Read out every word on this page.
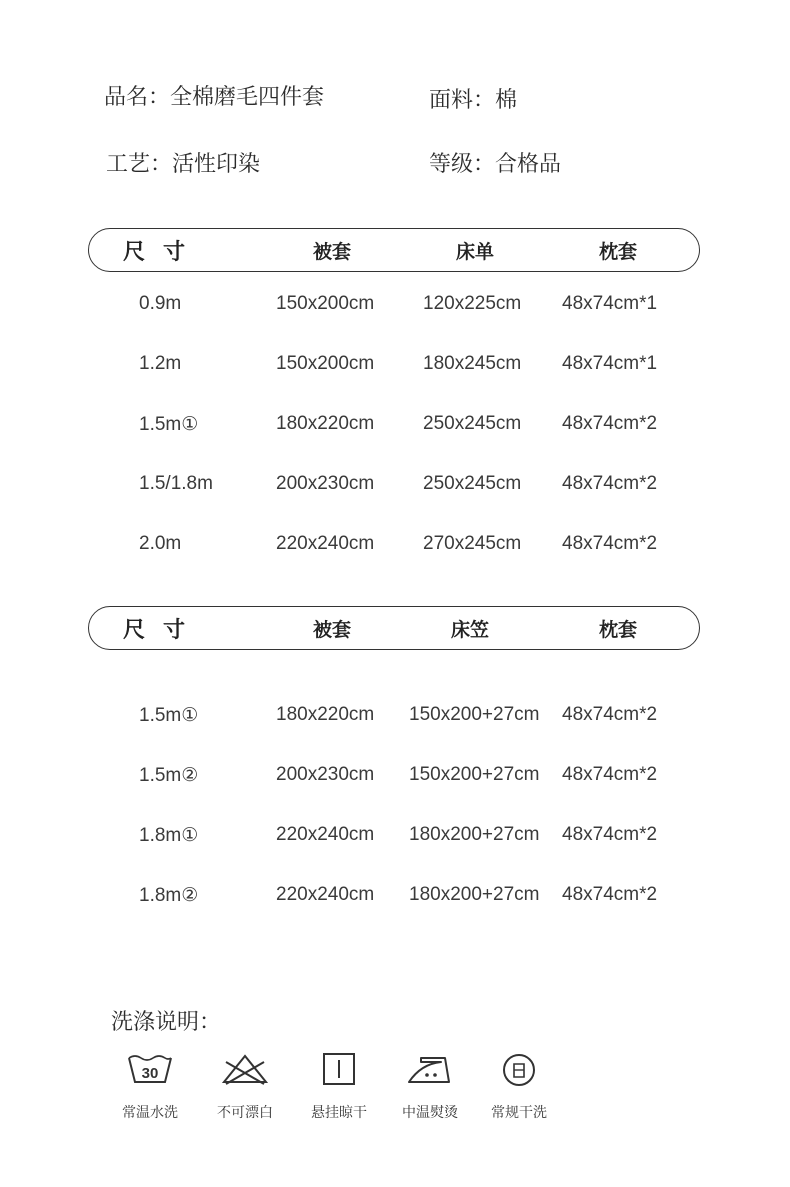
品名：全棉磨毛四件套	面料：棉
工艺：活性印染	等级：合格品
尺寸	被套	床单	枕套
0.9m	150x200cm	120x225cm 48x74cm*1
1.2m	150x200cm	180x245cm 48x74cm*1
1.5m①	180x220cm	250x245cm 48x74cm*2
1.5/1.8m	200x230cm	250x245cm 48x74cm*2
2.0m	220x240cm	270x245cm 48x74cm*2
尺寸	被套	床笠	枕套
1.5m①	180x220cm 150x200+27cm 48x74cm*2
1.5m②	200x230cm 150x200+27cm 48x74cm*2
1.8m①	220x240cm 180x200+27cm 48x74cm*2
1.8m②	220x240cm 180x200+27cm 48x74cm*2
洗涤说明：
30
常温水洗	不可漂白	悬挂晾干	中温熨烫	常规干洗
